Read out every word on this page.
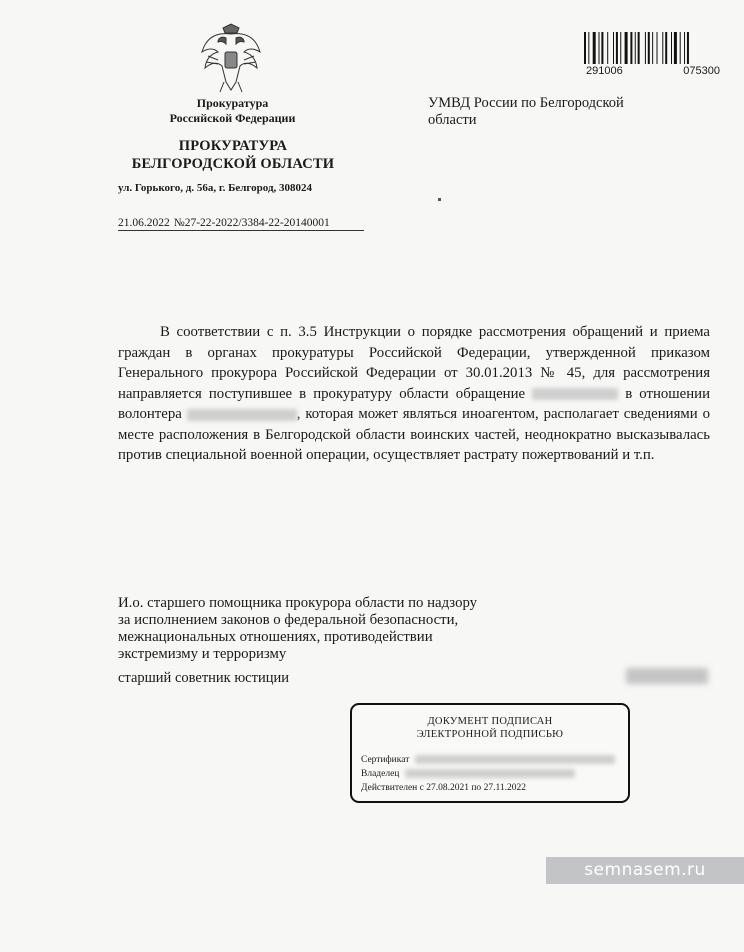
Прокуратура
Российской Федерации
ПРОКУРАТУРА
БЕЛГОРОДСКОЙ ОБЛАСТИ
ул. Горького, д. 56а, г. Белгород, 308024
21.06.2022 №27-22-2022/3384-22-20140001
291006	075300
УМВД России по Белгородской
области

В соответствии с п. 3.5 Инструкции о порядке рассмотрения обращений и приема граждан в органах прокуратуры Российской Федерации, утвержденной приказом Генерального прокурора Российской Федерации от 30.01.2013 № 45, для рассмотрения направляется поступившее в прокуратуру области обращение	в отношении волонтера	, которая может являться иноагентом, располагает сведениями о месте расположения в Белгородской области воинских частей, неоднократно высказывалась против специальной военной операции, осуществляет растрату пожертвований и т.п.

И.о. старшего помощника прокурора области по надзору за исполнением законов о федеральной безопасности, межнациональных отношениях, противодействии экстремизму и терроризму
старший советник юстиции
ДОКУМЕНТ ПОДПИСАН
ЭЛЕКТРОННОЙ ПОДПИСЬЮ
Сертификат
Владелец
Действителен с 27.08.2021 по 27.11.2022
semnasem.ru
